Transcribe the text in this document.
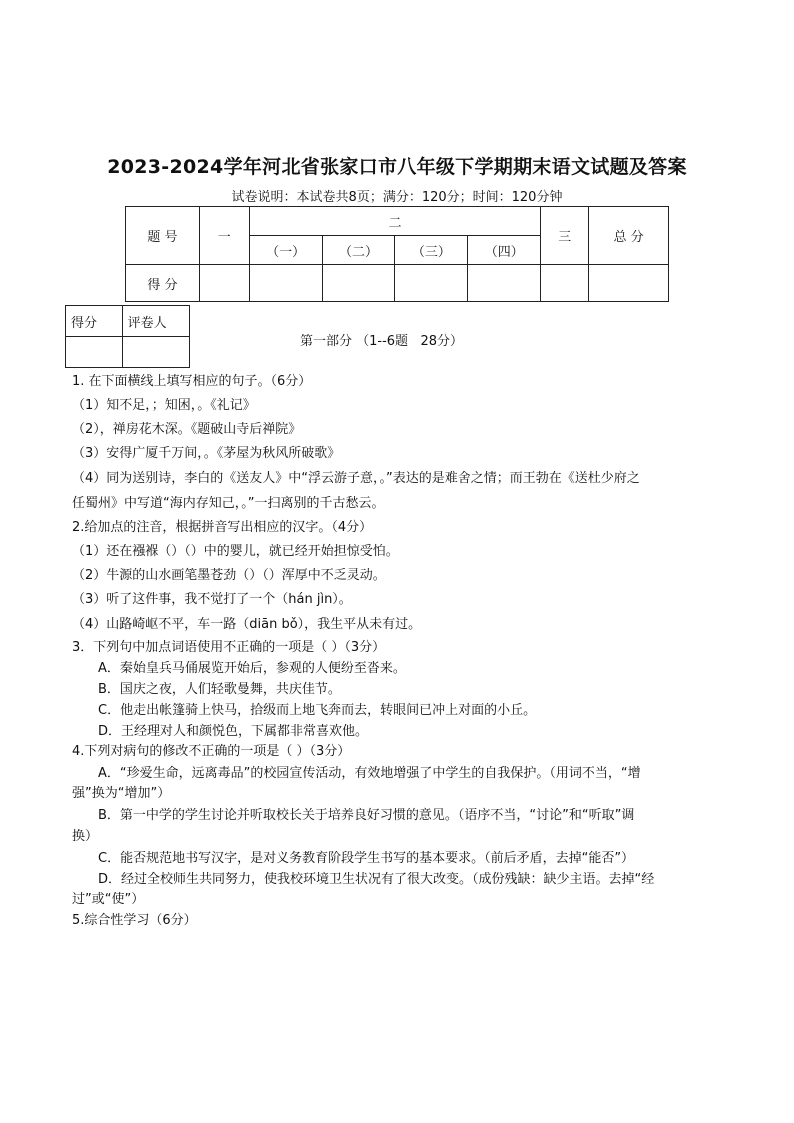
2023-2024学年河北省张家口市八年级下学期期末语文试题及答案
试卷说明：本试卷共8页；满分：120分；时间：120分钟
题 号	一	二				三	总 分
		（一）	（二）	（三）	（四）		
得 分							
得分	评卷人

第一部分 （1--6题   28分）
1. 在下面横线上填写相应的句子。（6分）
（1）知不足，；知困，。《礼记》
（2），禅房花木深。《题破山寺后禅院》
（3）安得广厦千万间，。《茅屋为秋风所破歌》
（4）同为送别诗，李白的《送友人》中“浮云游子意，。”表达的是难舍之情；而王勃在《送杜少府之
任蜀州》中写道“海内存知己，。”一扫离别的千古愁云。
2.给加点的注音，根据拼音写出相应的汉字。（4分）
（1）还在襁褓（）（）中的婴儿，就已经开始担惊受怕。
（2）牛源的山水画笔墨苍劲（）（）浑厚中不乏灵动。
（3）听了这件事，我不觉打了一个（hán jìn）。
（4）山路崎岖不平，车一路（diān bǒ），我生平从未有过。
3．下列句中加点词语使用不正确的一项是（ ）（3分）
A．秦始皇兵马俑展览开始后，参观的人便纷至沓来。
B．国庆之夜，人们轻歌曼舞，共庆佳节。
C．他走出帐篷骑上快马，拾级而上地飞奔而去，转眼间已冲上对面的小丘。
D．王经理对人和颜悦色，下属都非常喜欢他。
4.下列对病句的修改不正确的一项是（ ）（3分）
A．“珍爱生命，远离毒品”的校园宣传活动，有效地增强了中学生的自我保护。（用词不当，“增
强”换为“增加”）
B．第一中学的学生讨论并听取校长关于培养良好习惯的意见。（语序不当，“讨论”和“听取”调
换）
C．能否规范地书写汉字，是对义务教育阶段学生书写的基本要求。（前后矛盾，去掉“能否”）
D．经过全校师生共同努力，使我校环境卫生状况有了很大改变。（成份残缺：缺少主语。去掉“经
过”或“使”）
5.综合性学习（6分）
